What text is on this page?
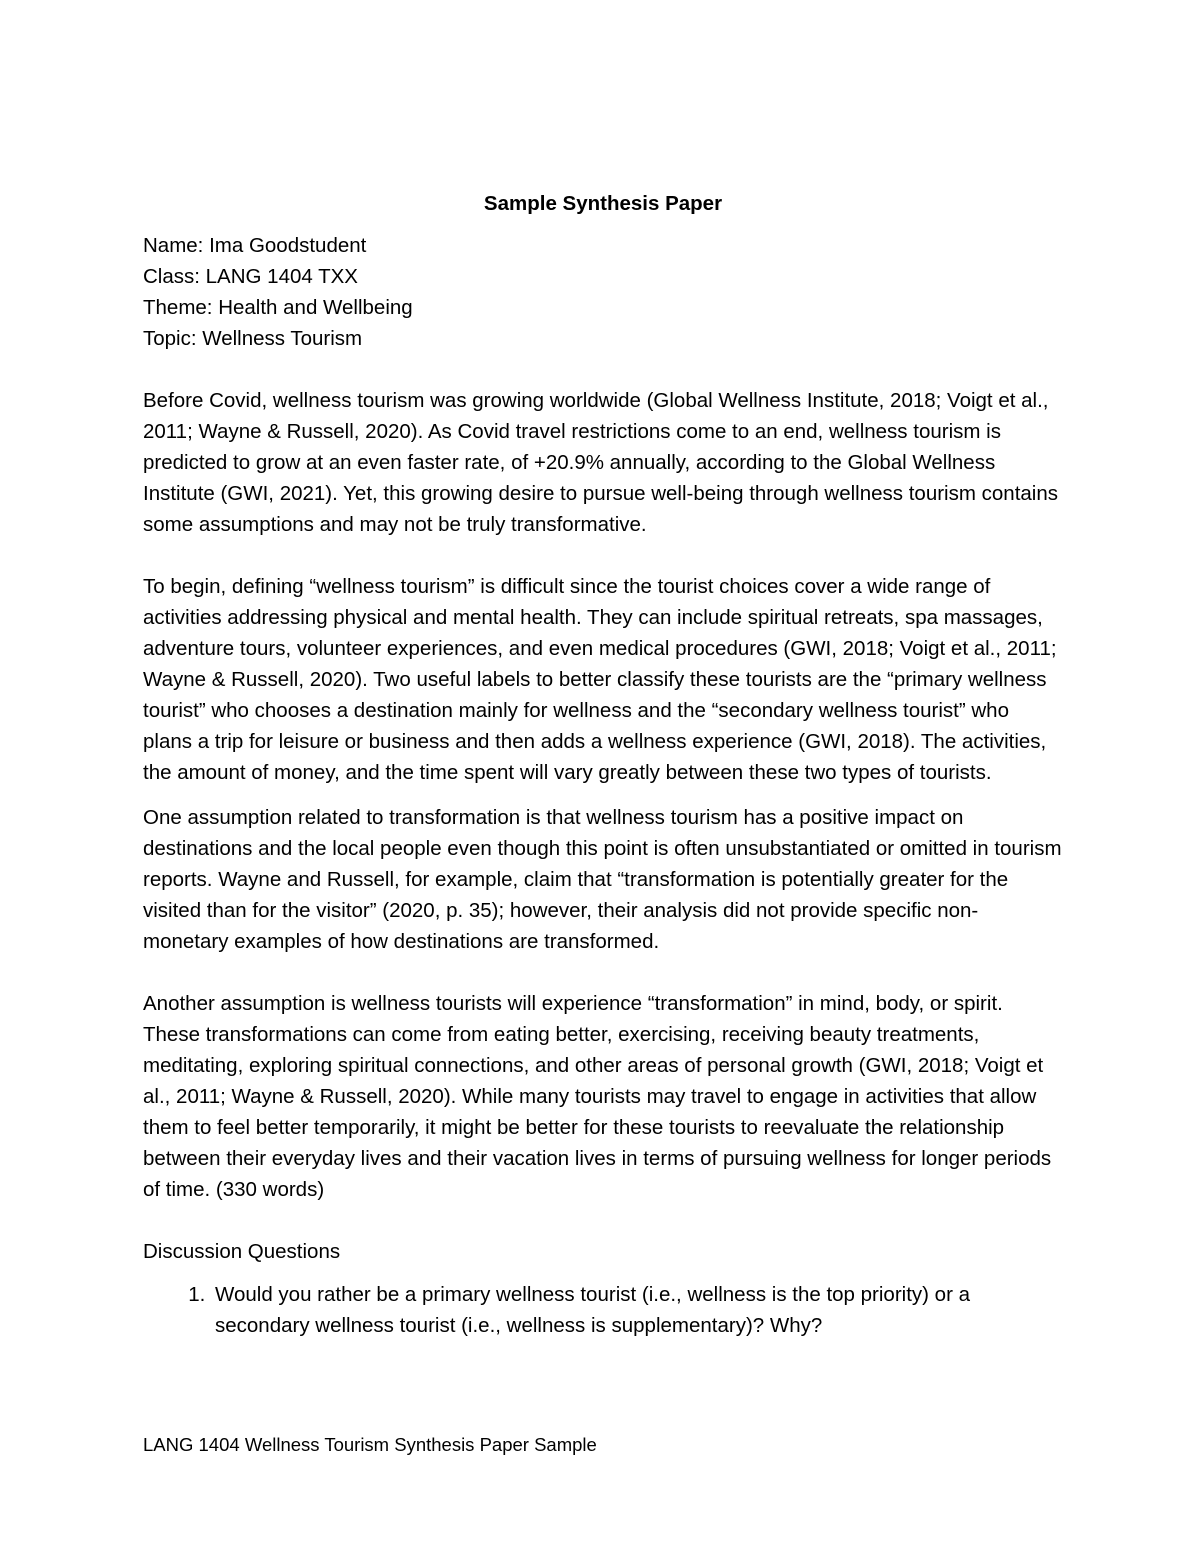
Sample Synthesis Paper

Name: Ima Goodstudent
Class: LANG 1404 TXX
Theme: Health and Wellbeing
Topic: Wellness Tourism

Before Covid, wellness tourism was growing worldwide (Global Wellness Institute, 2018; Voigt et al., 2011; Wayne & Russell, 2020). As Covid travel restrictions come to an end, wellness tourism is predicted to grow at an even faster rate, of +20.9% annually, according to the Global Wellness Institute (GWI, 2021). Yet, this growing desire to pursue well-being through wellness tourism contains some assumptions and may not be truly transformative.

To begin, defining “wellness tourism” is difficult since the tourist choices cover a wide range of activities addressing physical and mental health. They can include spiritual retreats, spa massages, adventure tours, volunteer experiences, and even medical procedures (GWI, 2018; Voigt et al., 2011; Wayne & Russell, 2020). Two useful labels to better classify these tourists are the “primary wellness tourist” who chooses a destination mainly for wellness and the “secondary wellness tourist” who plans a trip for leisure or business and then adds a wellness experience (GWI, 2018). The activities, the amount of money, and the time spent will vary greatly between these two types of tourists.

One assumption related to transformation is that wellness tourism has a positive impact on destinations and the local people even though this point is often unsubstantiated or omitted in tourism reports. Wayne and Russell, for example, claim that “transformation is potentially greater for the visited than for the visitor” (2020, p. 35); however, their analysis did not provide specific non-monetary examples of how destinations are transformed.

Another assumption is wellness tourists will experience “transformation” in mind, body, or spirit. These transformations can come from eating better, exercising, receiving beauty treatments, meditating, exploring spiritual connections, and other areas of personal growth (GWI, 2018; Voigt et al., 2011; Wayne & Russell, 2020). While many tourists may travel to engage in activities that allow them to feel better temporarily, it might be better for these tourists to reevaluate the relationship between their everyday lives and their vacation lives in terms of pursuing wellness for longer periods of time. (330 words)

Discussion Questions

1. Would you rather be a primary wellness tourist (i.e., wellness is the top priority) or a secondary wellness tourist (i.e., wellness is supplementary)? Why?
LANG 1404 Wellness Tourism Synthesis Paper Sample
